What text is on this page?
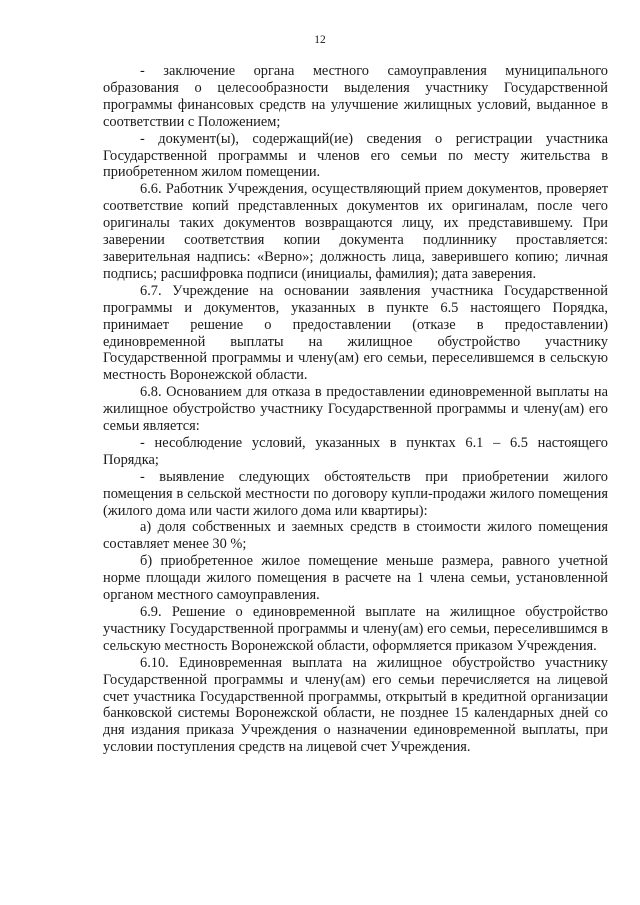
12

- заключение органа местного самоуправления муниципального образования о целесообразности выделения участнику Государственной программы финансовых средств на улучшение жилищных условий, выданное в соответствии с Положением;

- документ(ы), содержащий(ие) сведения о регистрации участника Государственной программы и членов его семьи по месту жительства в приобретенном жилом помещении.

6.6. Работник Учреждения, осуществляющий прием документов, проверяет соответствие копий представленных документов их оригиналам, после чего оригиналы таких документов возвращаются лицу, их представившему. При заверении соответствия копии документа подлиннику проставляется: заверительная надпись: «Верно»; должность лица, заверившего копию; личная подпись; расшифровка подписи (инициалы, фамилия); дата заверения.

6.7. Учреждение на основании заявления участника Государственной программы и документов, указанных в пункте 6.5 настоящего Порядка, принимает решение о предоставлении (отказе в предоставлении) единовременной выплаты на жилищное обустройство участнику Государственной программы и члену(ам) его семьи, переселившемся в сельскую местность Воронежской области.

6.8. Основанием для отказа в предоставлении единовременной выплаты на жилищное обустройство участнику Государственной программы и члену(ам) его семьи является:

- несоблюдение условий, указанных в пунктах 6.1 – 6.5 настоящего Порядка;

- выявление следующих обстоятельств при приобретении жилого помещения в сельской местности по договору купли-продажи жилого помещения (жилого дома или части жилого дома или квартиры):

а) доля собственных и заемных средств в стоимости жилого помещения составляет менее 30 %;

б) приобретенное жилое помещение меньше размера, равного учетной норме площади жилого помещения в расчете на 1 члена семьи, установленной органом местного самоуправления.

6.9. Решение о единовременной выплате на жилищное обустройство участнику Государственной программы и члену(ам) его семьи, переселившимся в сельскую местность Воронежской области, оформляется приказом Учреждения.

6.10. Единовременная выплата на жилищное обустройство участнику Государственной программы и члену(ам) его семьи перечисляется на лицевой счет участника Государственной программы, открытый в кредитной организации банковской системы Воронежской области, не позднее 15 календарных дней со дня издания приказа Учреждения о назначении единовременной выплаты, при условии поступления средств на лицевой счет Учреждения.
